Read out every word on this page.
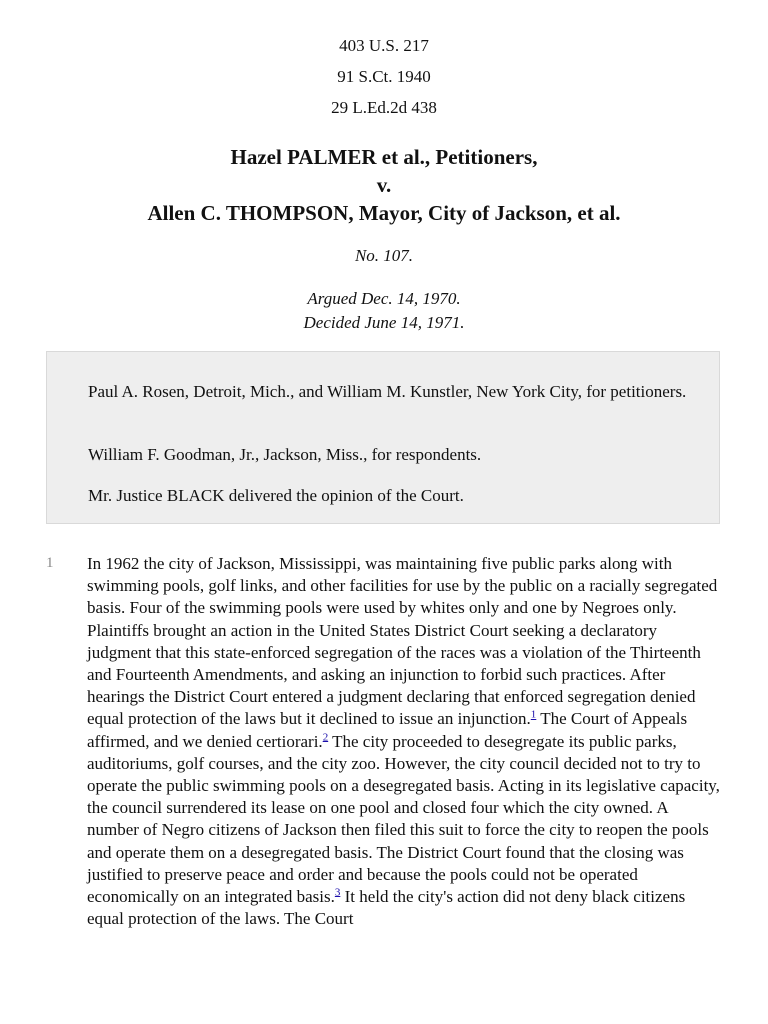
403 U.S. 217
91 S.Ct. 1940
29 L.Ed.2d 438
Hazel PALMER et al., Petitioners,
v.
Allen C. THOMPSON, Mayor, City of Jackson, et al.
No. 107.
Argued Dec. 14, 1970.
Decided June 14, 1971.

Paul A. Rosen, Detroit, Mich., and William M. Kunstler, New York City, for petitioners.

William F. Goodman, Jr., Jackson, Miss., for respondents.

Mr. Justice BLACK delivered the opinion of the Court.

1 In 1962 the city of Jackson, Mississippi, was maintaining five public parks along with swimming pools, golf links, and other facilities for use by the public on a racially segregated basis. Four of the swimming pools were used by whites only and one by Negroes only. Plaintiffs brought an action in the United States District Court seeking a declaratory judgment that this state-enforced segregation of the races was a violation of the Thirteenth and Fourteenth Amendments, and asking an injunction to forbid such practices. After hearings the District Court entered a judgment declaring that enforced segregation denied equal protection of the laws but it declined to issue an injunction.$^1$ The Court of Appeals affirmed, and we denied certiorari.$^2$ The city proceeded to desegregate its public parks, auditoriums, golf courses, and the city zoo. However, the city council decided not to try to operate the public swimming pools on a desegregated basis. Acting in its legislative capacity, the council surrendered its lease on one pool and closed four which the city owned. A number of Negro citizens of Jackson then filed this suit to force the city to reopen the pools and operate them on a desegregated basis. The District Court found that the closing was justified to preserve peace and order and because the pools could not be operated economically on an integrated basis.$^3$ It held the city's action did not deny black citizens equal protection of the laws. The Court
